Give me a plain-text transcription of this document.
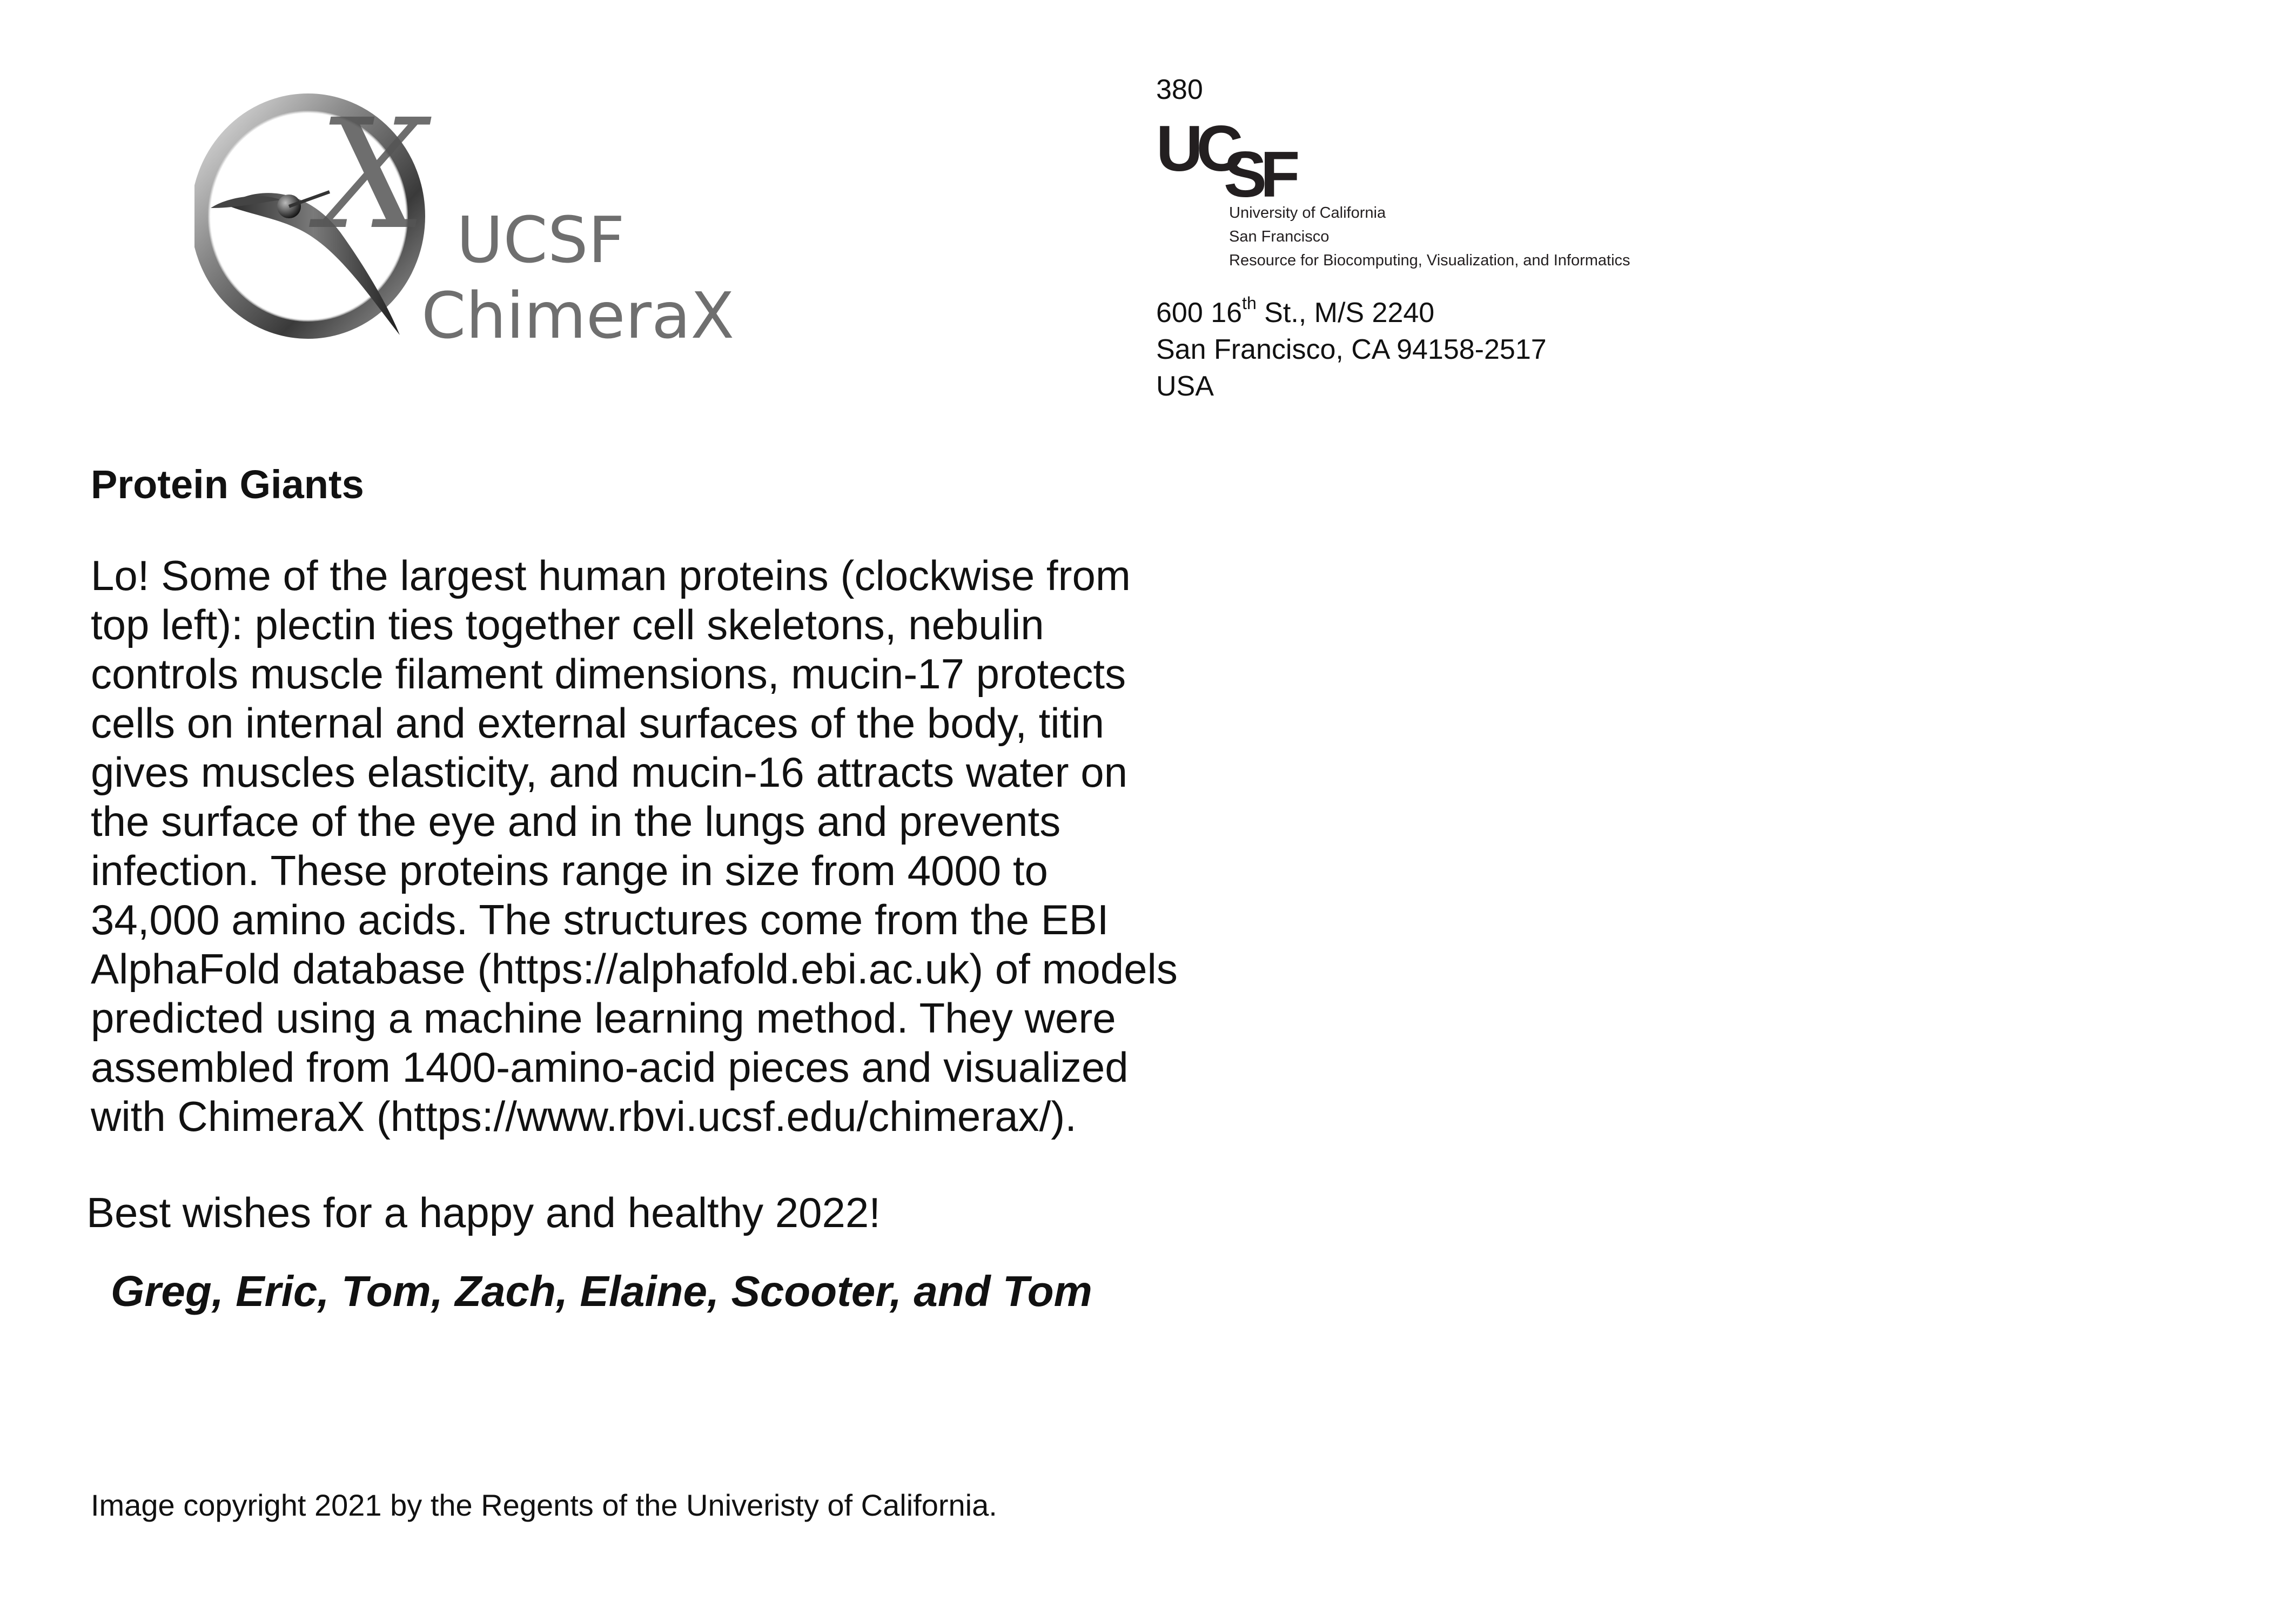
X UCSF
ChimeraX
380
UC
SF
University of California
San Francisco
Resource for Biocomputing, Visualization, and Informatics
600 16th St., M/S 2240
San Francisco, CA 94158-2517
USA
Protein Giants
Lo! Some of the largest human proteins (clockwise from
top left): plectin ties together cell skeletons, nebulin
controls muscle filament dimensions, mucin-17 protects
cells on internal and external surfaces of the body, titin
gives muscles elasticity, and mucin-16 attracts water on
the surface of the eye and in the lungs and prevents
infection. These proteins range in size from 4000 to
34,000 amino acids. The structures come from the EBI
AlphaFold database (https://alphafold.ebi.ac.uk) of models
predicted using a machine learning method. They were
assembled from 1400-amino-acid pieces and visualized
with ChimeraX (https://www.rbvi.ucsf.edu/chimerax/).
Best wishes for a happy and healthy 2022!
Greg, Eric, Tom, Zach, Elaine, Scooter, and Tom
Image copyright 2021 by the Regents of the Univeristy of California.
